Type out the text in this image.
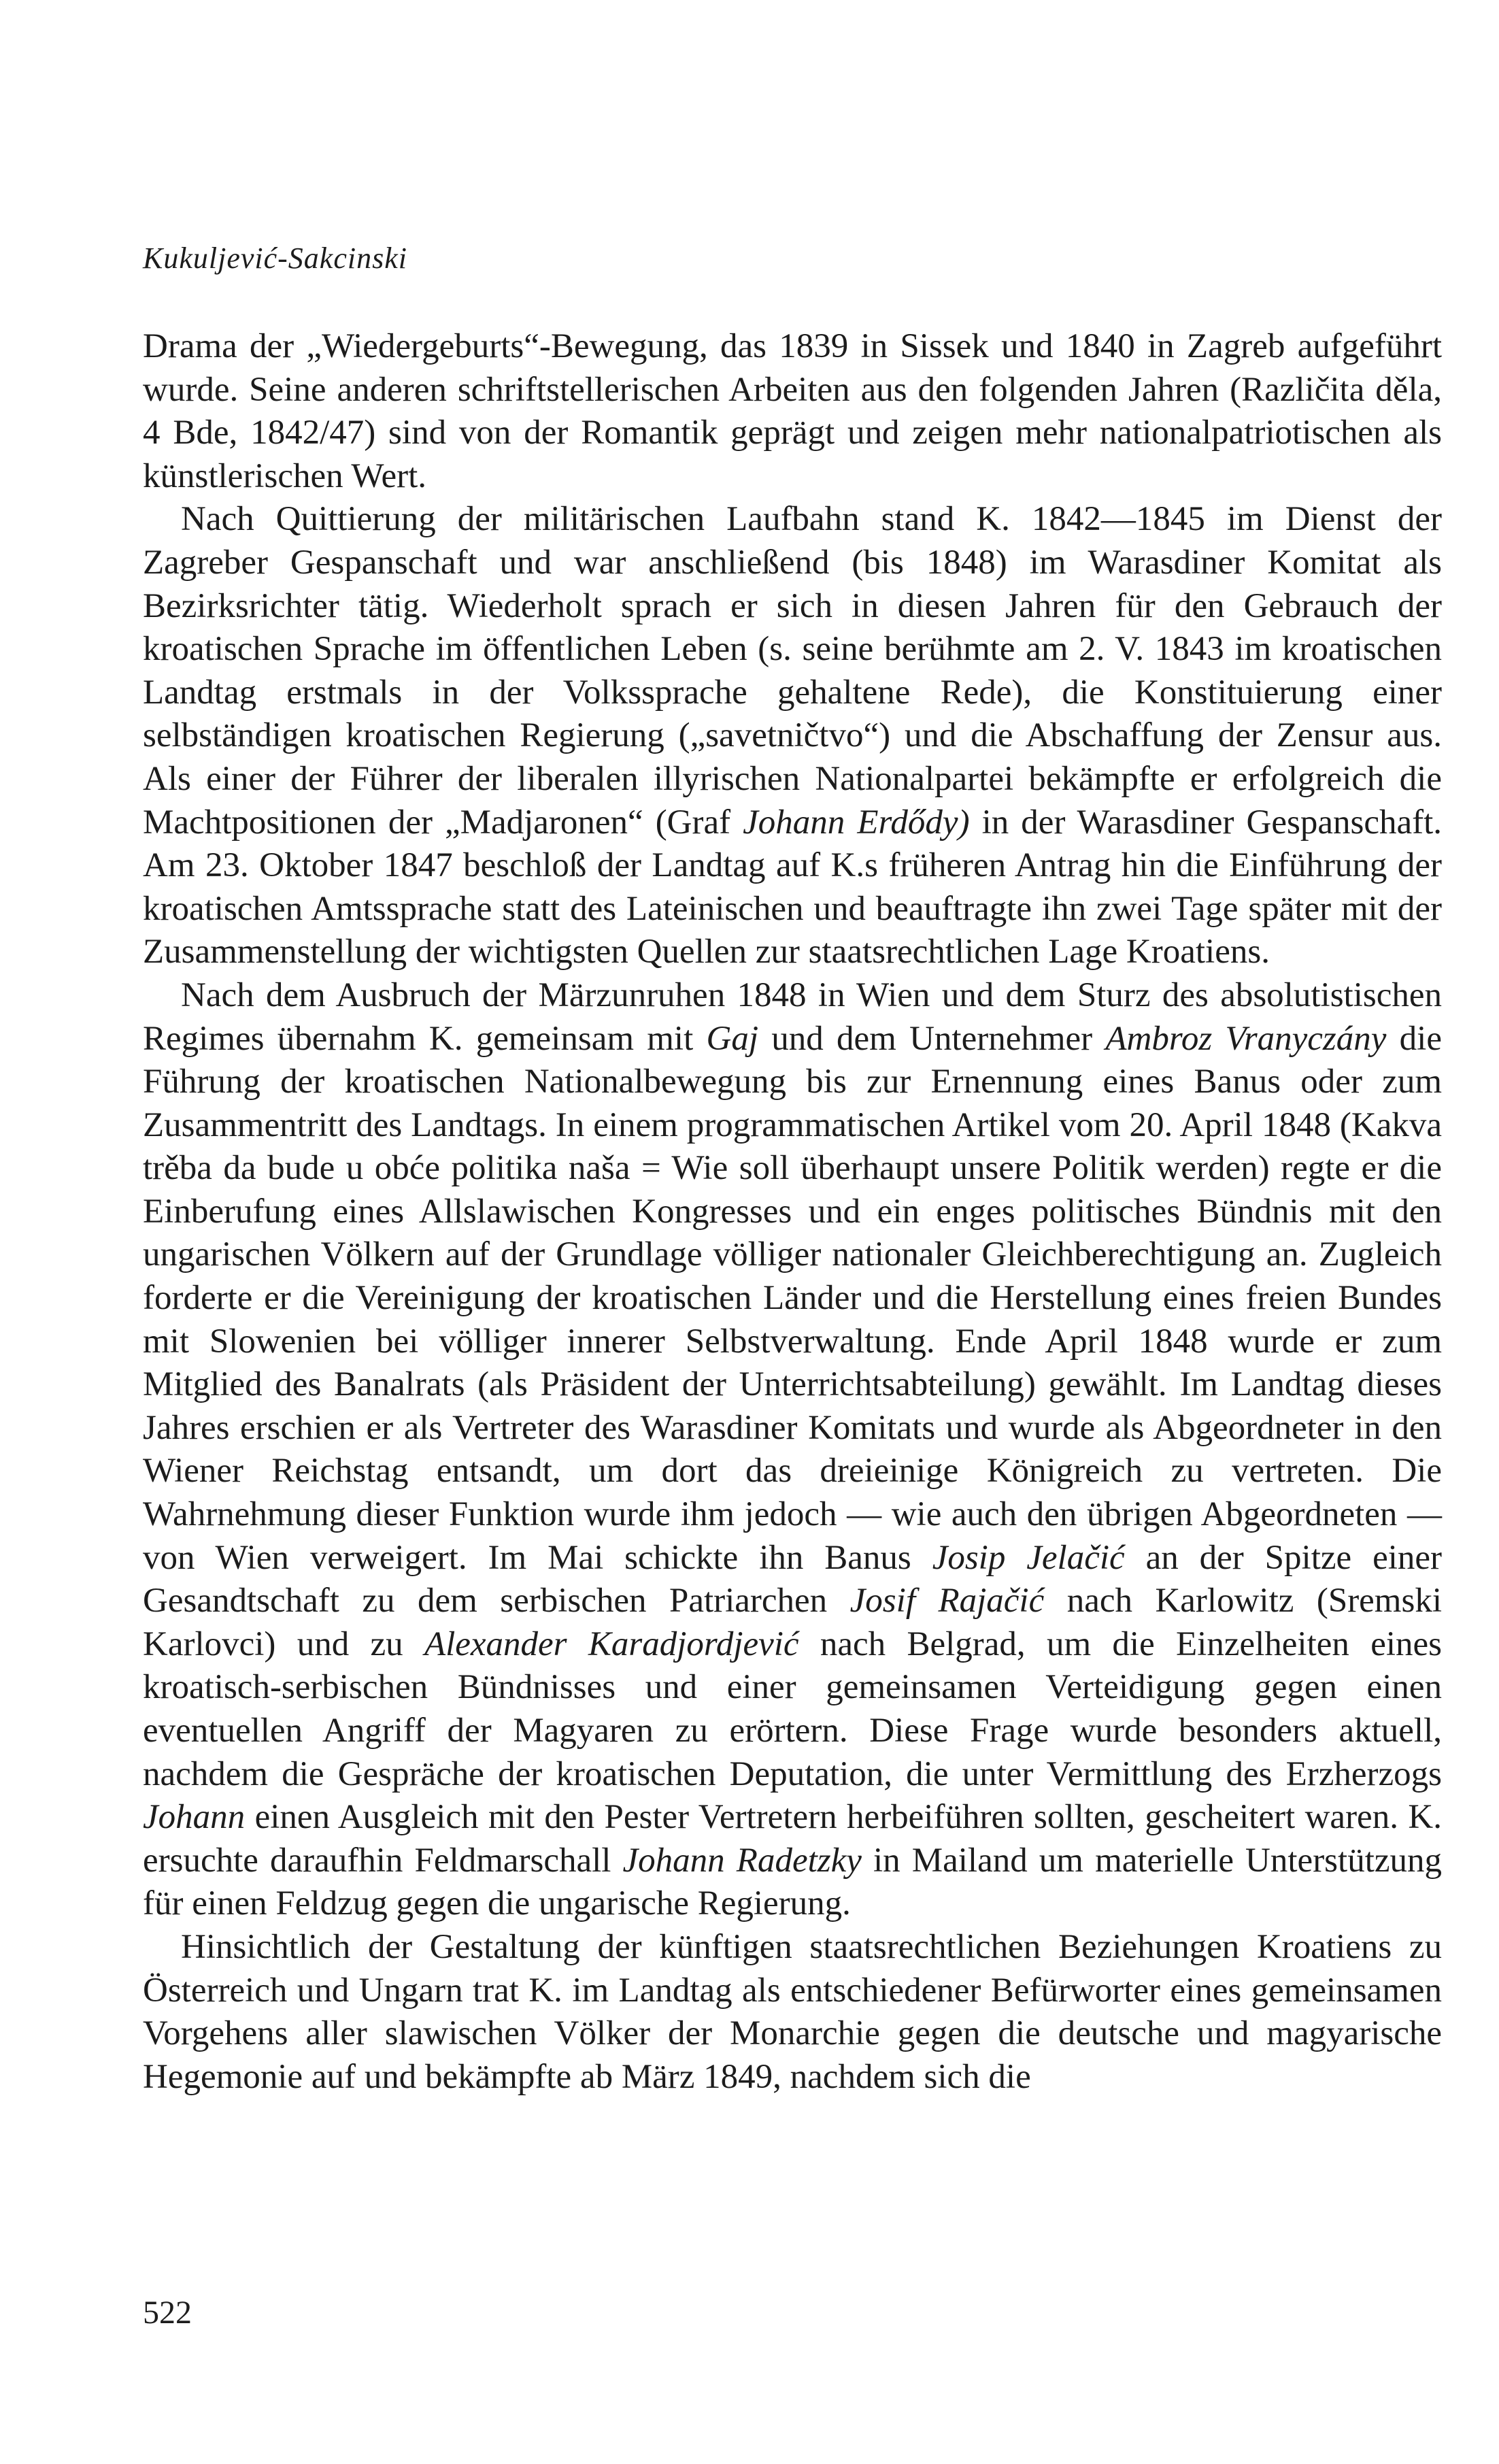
Kukuljević-Sakcinski

Drama der „Wiedergeburts“-Bewegung, das 1839 in Sissek und 1840 in Zagreb aufgeführt wurde. Seine anderen schriftstellerischen Arbeiten aus den folgenden Jahren (Različita děla, 4 Bde, 1842/47) sind von der Romantik geprägt und zeigen mehr nationalpatriotischen als künstlerischen Wert.

Nach Quittierung der militärischen Laufbahn stand K. 1842—1845 im Dienst der Zagreber Gespanschaft und war anschließend (bis 1848) im Warasdiner Komitat als Bezirksrichter tätig. Wiederholt sprach er sich in diesen Jahren für den Gebrauch der kroatischen Sprache im öffentlichen Leben (s. seine berühmte am 2. V. 1843 im kroatischen Landtag erstmals in der Volkssprache gehaltene Rede), die Konstituierung einer selbständigen kroatischen Regierung („savetničtvo“) und die Abschaffung der Zensur aus. Als einer der Führer der liberalen illyrischen Nationalpartei bekämpfte er erfolgreich die Machtpositionen der „Madjaronen“ (Graf Johann Erdődy) in der Warasdiner Gespanschaft. Am 23. Oktober 1847 beschloß der Landtag auf K.s früheren Antrag hin die Einführung der kroatischen Amtssprache statt des Lateinischen und beauftragte ihn zwei Tage später mit der Zusammenstellung der wichtigsten Quellen zur staatsrechtlichen Lage Kroatiens.

Nach dem Ausbruch der Märzunruhen 1848 in Wien und dem Sturz des absolutistischen Regimes übernahm K. gemeinsam mit Gaj und dem Unternehmer Ambroz Vranyczány die Führung der kroatischen Nationalbewegung bis zur Ernennung eines Banus oder zum Zusammentritt des Landtags. In einem programmatischen Artikel vom 20. April 1848 (Kakva trěba da bude u obće politika naša = Wie soll überhaupt unsere Politik werden) regte er die Einberufung eines Allslawischen Kongresses und ein enges politisches Bündnis mit den ungarischen Völkern auf der Grundlage völliger nationaler Gleichberechtigung an. Zugleich forderte er die Vereinigung der kroatischen Länder und die Herstellung eines freien Bundes mit Slowenien bei völliger innerer Selbstverwaltung. Ende April 1848 wurde er zum Mitglied des Banalrats (als Präsident der Unterrichtsabteilung) gewählt. Im Landtag dieses Jahres erschien er als Vertreter des Warasdiner Komitats und wurde als Abgeordneter in den Wiener Reichstag entsandt, um dort das dreieinige Königreich zu vertreten. Die Wahrnehmung dieser Funktion wurde ihm jedoch — wie auch den übrigen Abgeordneten — von Wien verweigert. Im Mai schickte ihn Banus Josip Jelačić an der Spitze einer Gesandtschaft zu dem serbischen Patriarchen Josif Rajačić nach Karlowitz (Sremski Karlovci) und zu Alexander Karadjordjević nach Belgrad, um die Einzelheiten eines kroatisch-serbischen Bündnisses und einer gemeinsamen Verteidigung gegen einen eventuellen Angriff der Magyaren zu erörtern. Diese Frage wurde besonders aktuell, nachdem die Gespräche der kroatischen Deputation, die unter Vermittlung des Erzherzogs Johann einen Ausgleich mit den Pester Vertretern herbeiführen sollten, gescheitert waren. K. ersuchte daraufhin Feldmarschall Johann Radetzky in Mailand um materielle Unterstützung für einen Feldzug gegen die ungarische Regierung.

Hinsichtlich der Gestaltung der künftigen staatsrechtlichen Beziehungen Kroatiens zu Österreich und Ungarn trat K. im Landtag als entschiedener Befürworter eines gemeinsamen Vorgehens aller slawischen Völker der Monarchie gegen die deutsche und magyarische Hegemonie auf und bekämpfte ab März 1849, nachdem sich die

522
